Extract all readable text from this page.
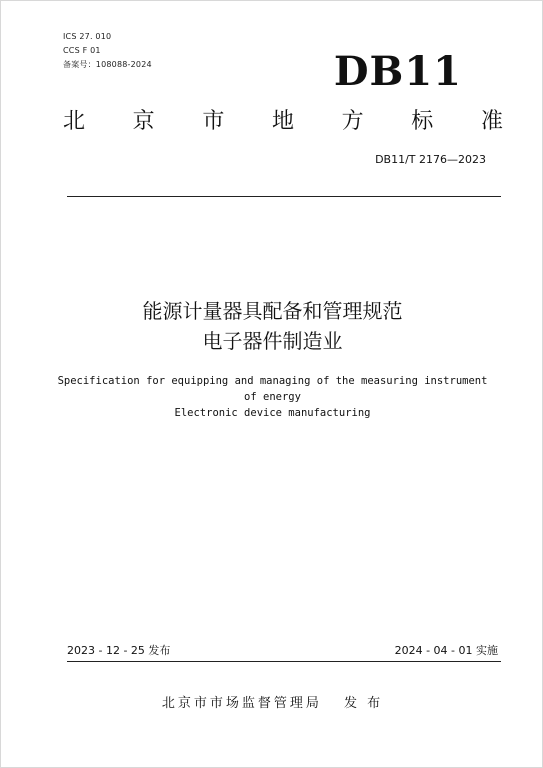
ICS 27. 010
CCS F 01
备案号：108088-2024	DB11
北 京 市 地 方 标 准
DB11/T 2176—2023
能源计量器具配备和管理规范
电子器件制造业
Specification for equipping and managing of the measuring instrument
of energy
Electronic device manufacturing
2023 - 12 - 25 发布	2024 - 04 - 01 实施
北京市市场监督管理局 发 布
